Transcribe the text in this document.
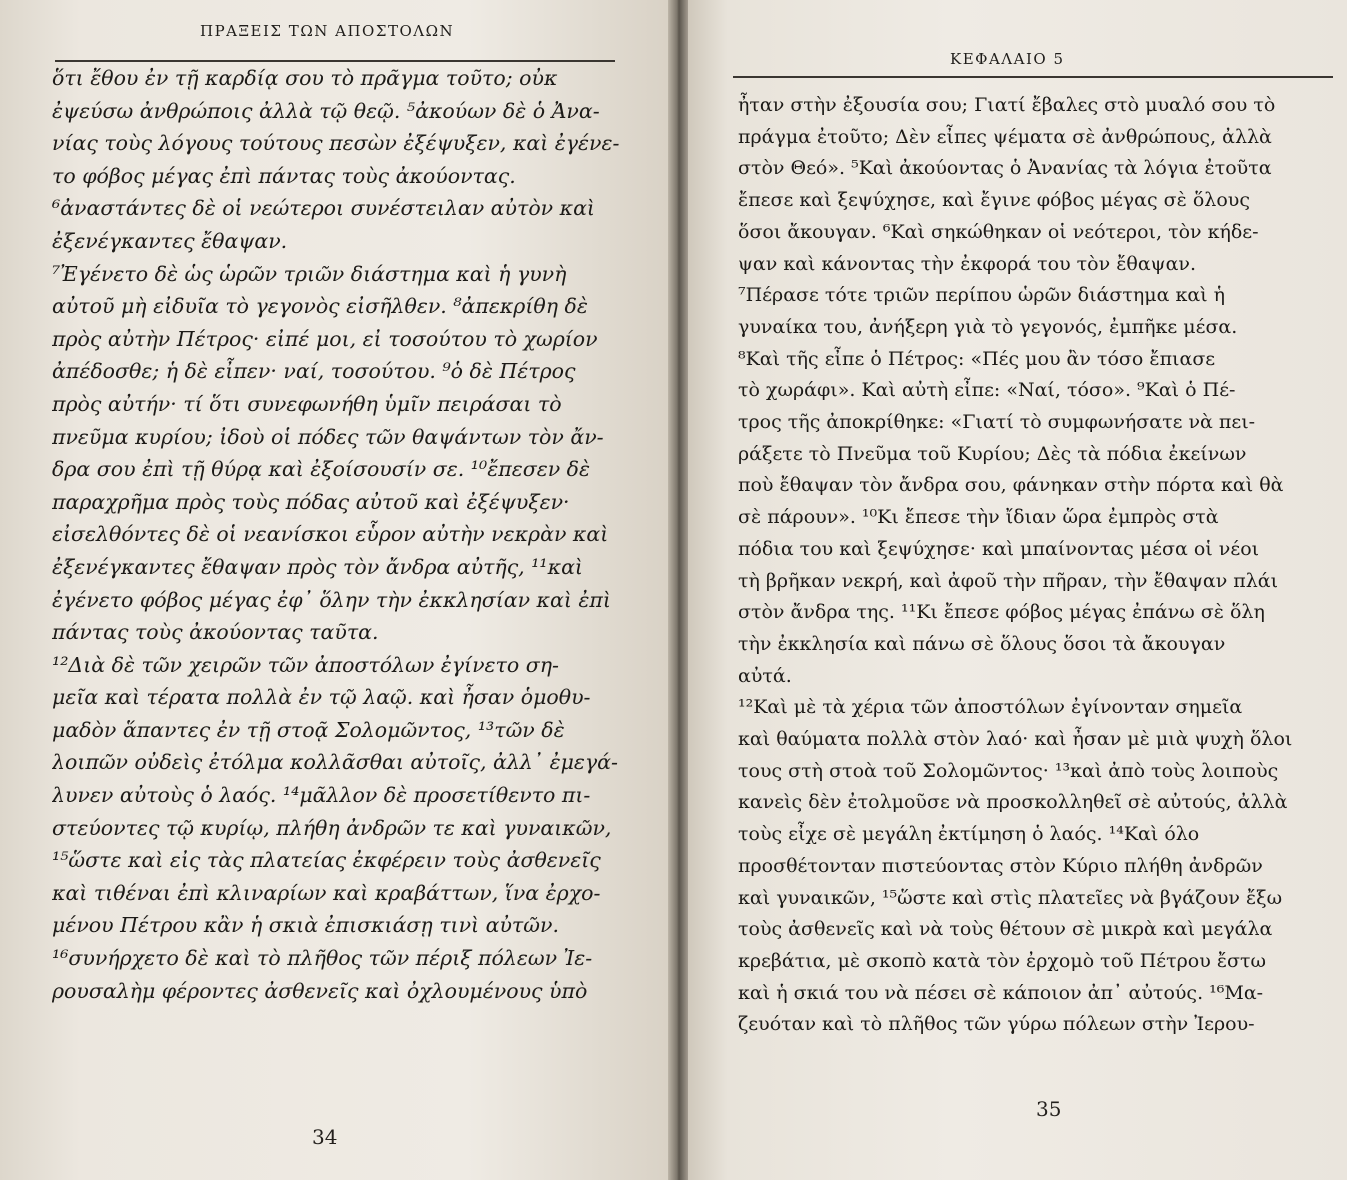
ΠΡΑΞΕΙΣ ΤΩΝ ΑΠΟΣΤΟΛΩΝ
ὅτι ἔθου ἐν τῇ καρδίᾳ σου τὸ πρᾶγμα τοῦτο; οὐκ
ἐψεύσω ἀνθρώποις ἀλλὰ τῷ θεῷ. ⁵ἀκούων δὲ ὁ Ἀνα-
νίας τοὺς λόγους τούτους πεσὼν ἐξέψυξεν, καὶ ἐγένε-
το φόβος μέγας ἐπὶ πάντας τοὺς ἀκούοντας.
⁶ἀναστάντες δὲ οἱ νεώτεροι συνέστειλαν αὐτὸν καὶ
ἐξενέγκαντες ἔθαψαν.
⁷Ἐγένετο δὲ ὡς ὡρῶν τριῶν διάστημα καὶ ἡ γυνὴ
αὐτοῦ μὴ εἰδυῖα τὸ γεγονὸς εἰσῆλθεν. ⁸ἀπεκρίθη δὲ
πρὸς αὐτὴν Πέτρος· εἰπέ μοι, εἰ τοσούτου τὸ χωρίον
ἀπέδοσθε; ἡ δὲ εἶπεν· ναί, τοσούτου. ⁹ὁ δὲ Πέτρος
πρὸς αὐτήν· τί ὅτι συνεφωνήθη ὑμῖν πειράσαι τὸ
πνεῦμα κυρίου; ἰδοὺ οἱ πόδες τῶν θαψάντων τὸν ἄν-
δρα σου ἐπὶ τῇ θύρᾳ καὶ ἐξοίσουσίν σε. ¹⁰ἔπεσεν δὲ
παραχρῆμα πρὸς τοὺς πόδας αὐτοῦ καὶ ἐξέψυξεν·
εἰσελθόντες δὲ οἱ νεανίσκοι εὗρον αὐτὴν νεκρὰν καὶ
ἐξενέγκαντες ἔθαψαν πρὸς τὸν ἄνδρα αὐτῆς, ¹¹καὶ
ἐγένετο φόβος μέγας ἐφ᾽ ὅλην τὴν ἐκκλησίαν καὶ ἐπὶ
πάντας τοὺς ἀκούοντας ταῦτα.
¹²Διὰ δὲ τῶν χειρῶν τῶν ἀποστόλων ἐγίνετο ση-
μεῖα καὶ τέρατα πολλὰ ἐν τῷ λαῷ. καὶ ἦσαν ὁμοθυ-
μαδὸν ἅπαντες ἐν τῇ στοᾷ Σολομῶντος, ¹³τῶν δὲ
λοιπῶν οὐδεὶς ἐτόλμα κολλᾶσθαι αὐτοῖς, ἀλλ᾽ ἐμεγά-
λυνεν αὐτοὺς ὁ λαός. ¹⁴μᾶλλον δὲ προσετίθεντο πι-
στεύοντες τῷ κυρίῳ, πλήθη ἀνδρῶν τε καὶ γυναικῶν,
¹⁵ὥστε καὶ εἰς τὰς πλατείας ἐκφέρειν τοὺς ἀσθενεῖς
καὶ τιθέναι ἐπὶ κλιναρίων καὶ κραβάττων, ἵνα ἐρχο-
μένου Πέτρου κἂν ἡ σκιὰ ἐπισκιάσῃ τινὶ αὐτῶν.
¹⁶συνήρχετο δὲ καὶ τὸ πλῆθος τῶν πέριξ πόλεων Ἰε-
ρουσαλὴμ φέροντες ἀσθενεῖς καὶ ὀχλουμένους ὑπὸ
34
ΚΕΦΑΛΑΙΟ 5
ἦταν στὴν ἐξουσία σου; Γιατί ἔβαλες στὸ μυαλό σου τὸ
πράγμα ἐτοῦτο; Δὲν εἶπες ψέματα σὲ ἀνθρώπους, ἀλλὰ
στὸν Θεό». ⁵Καὶ ἀκούοντας ὁ Ἀνανίας τὰ λόγια ἐτοῦτα
ἔπεσε καὶ ξεψύχησε, καὶ ἔγινε φόβος μέγας σὲ ὅλους
ὅσοι ἄκουγαν. ⁶Καὶ σηκώθηκαν οἱ νεότεροι, τὸν κήδε-
ψαν καὶ κάνοντας τὴν ἐκφορά του τὸν ἔθαψαν.
⁷Πέρασε τότε τριῶν περίπου ὡρῶν διάστημα καὶ ἡ
γυναίκα του, ἀνήξερη γιὰ τὸ γεγονός, ἐμπῆκε μέσα.
⁸Καὶ τῆς εἶπε ὁ Πέτρος: «Πές μου ἂν τόσο ἔπιασε
τὸ χωράφι». Καὶ αὐτὴ εἶπε: «Ναί, τόσο». ⁹Καὶ ὁ Πέ-
τρος τῆς ἀποκρίθηκε: «Γιατί τὸ συμφωνήσατε νὰ πει-
ράξετε τὸ Πνεῦμα τοῦ Κυρίου; Δὲς τὰ πόδια ἐκείνων
ποὺ ἔθαψαν τὸν ἄνδρα σου, φάνηκαν στὴν πόρτα καὶ θὰ
σὲ πάρουν». ¹⁰Κι ἔπεσε τὴν ἴδιαν ὥρα ἐμπρὸς στὰ
πόδια του καὶ ξεψύχησε· καὶ μπαίνοντας μέσα οἱ νέοι
τὴ βρῆκαν νεκρή, καὶ ἀφοῦ τὴν πῆραν, τὴν ἔθαψαν πλάι
στὸν ἄνδρα της. ¹¹Κι ἔπεσε φόβος μέγας ἐπάνω σὲ ὅλη
τὴν ἐκκλησία καὶ πάνω σὲ ὅλους ὅσοι τὰ ἄκουγαν
αὐτά.
¹²Καὶ μὲ τὰ χέρια τῶν ἀποστόλων ἐγίνονταν σημεῖα
καὶ θαύματα πολλὰ στὸν λαό· καὶ ἦσαν μὲ μιὰ ψυχὴ ὅλοι
τους στὴ στοὰ τοῦ Σολομῶντος· ¹³καὶ ἀπὸ τοὺς λοιποὺς
κανεὶς δὲν ἐτολμοῦσε νὰ προσκολληθεῖ σὲ αὐτούς, ἀλλὰ
τοὺς εἶχε σὲ μεγάλη ἐκτίμηση ὁ λαός. ¹⁴Καὶ όλο
προσθέτονταν πιστεύοντας στὸν Κύριο πλήθη ἀνδρῶν
καὶ γυναικῶν, ¹⁵ὥστε καὶ στὶς πλατεῖες νὰ βγάζουν ἔξω
τοὺς ἀσθενεῖς καὶ νὰ τοὺς θέτουν σὲ μικρὰ καὶ μεγάλα
κρεβάτια, μὲ σκοπὸ κατὰ τὸν ἐρχομὸ τοῦ Πέτρου ἔστω
καὶ ἡ σκιά του νὰ πέσει σὲ κάποιον ἀπ᾽ αὐτούς. ¹⁶Μα-
ζευόταν καὶ τὸ πλῆθος τῶν γύρω πόλεων στὴν Ἰερου-
35
